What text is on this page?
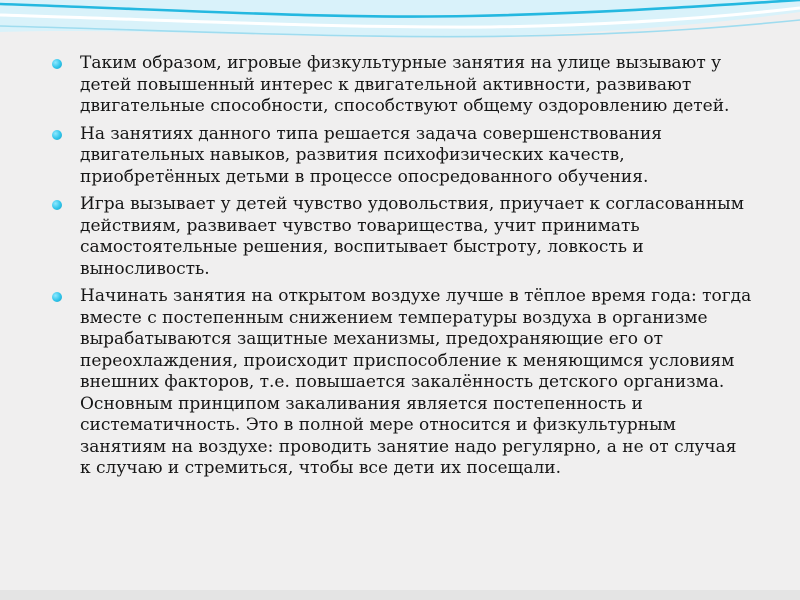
Таким образом, игровые физкультурные занятия на улице вызывают у детей повышенный интерес к двигательной активности, развивают двигательные способности, способствуют общему оздоровлению детей.
На занятиях данного типа решается задача совершенствования двигательных навыков, развития психофизических качеств, приобретённых детьми в процессе опосредованного обучения.
Игра вызывает у детей чувство удовольствия, приучает к согласованным действиям, развивает чувство товарищества, учит принимать самостоятельные решения, воспитывает быстроту, ловкость и выносливость.
Начинать занятия на открытом воздухе лучше в тёплое время года: тогда вместе с постепенным снижением температуры воздуха в организме вырабатываются защитные механизмы, предохраняющие его от переохлаждения, происходит приспособление к меняющимся условиям внешних факторов, т.е. повышается закалённость детского организма. Основным принципом закаливания является постепенность и систематичность. Это в полной мере относится и физкультурным занятиям на воздухе: проводить занятие надо регулярно, а не от случая к случаю и стремиться, чтобы все дети их посещали.
